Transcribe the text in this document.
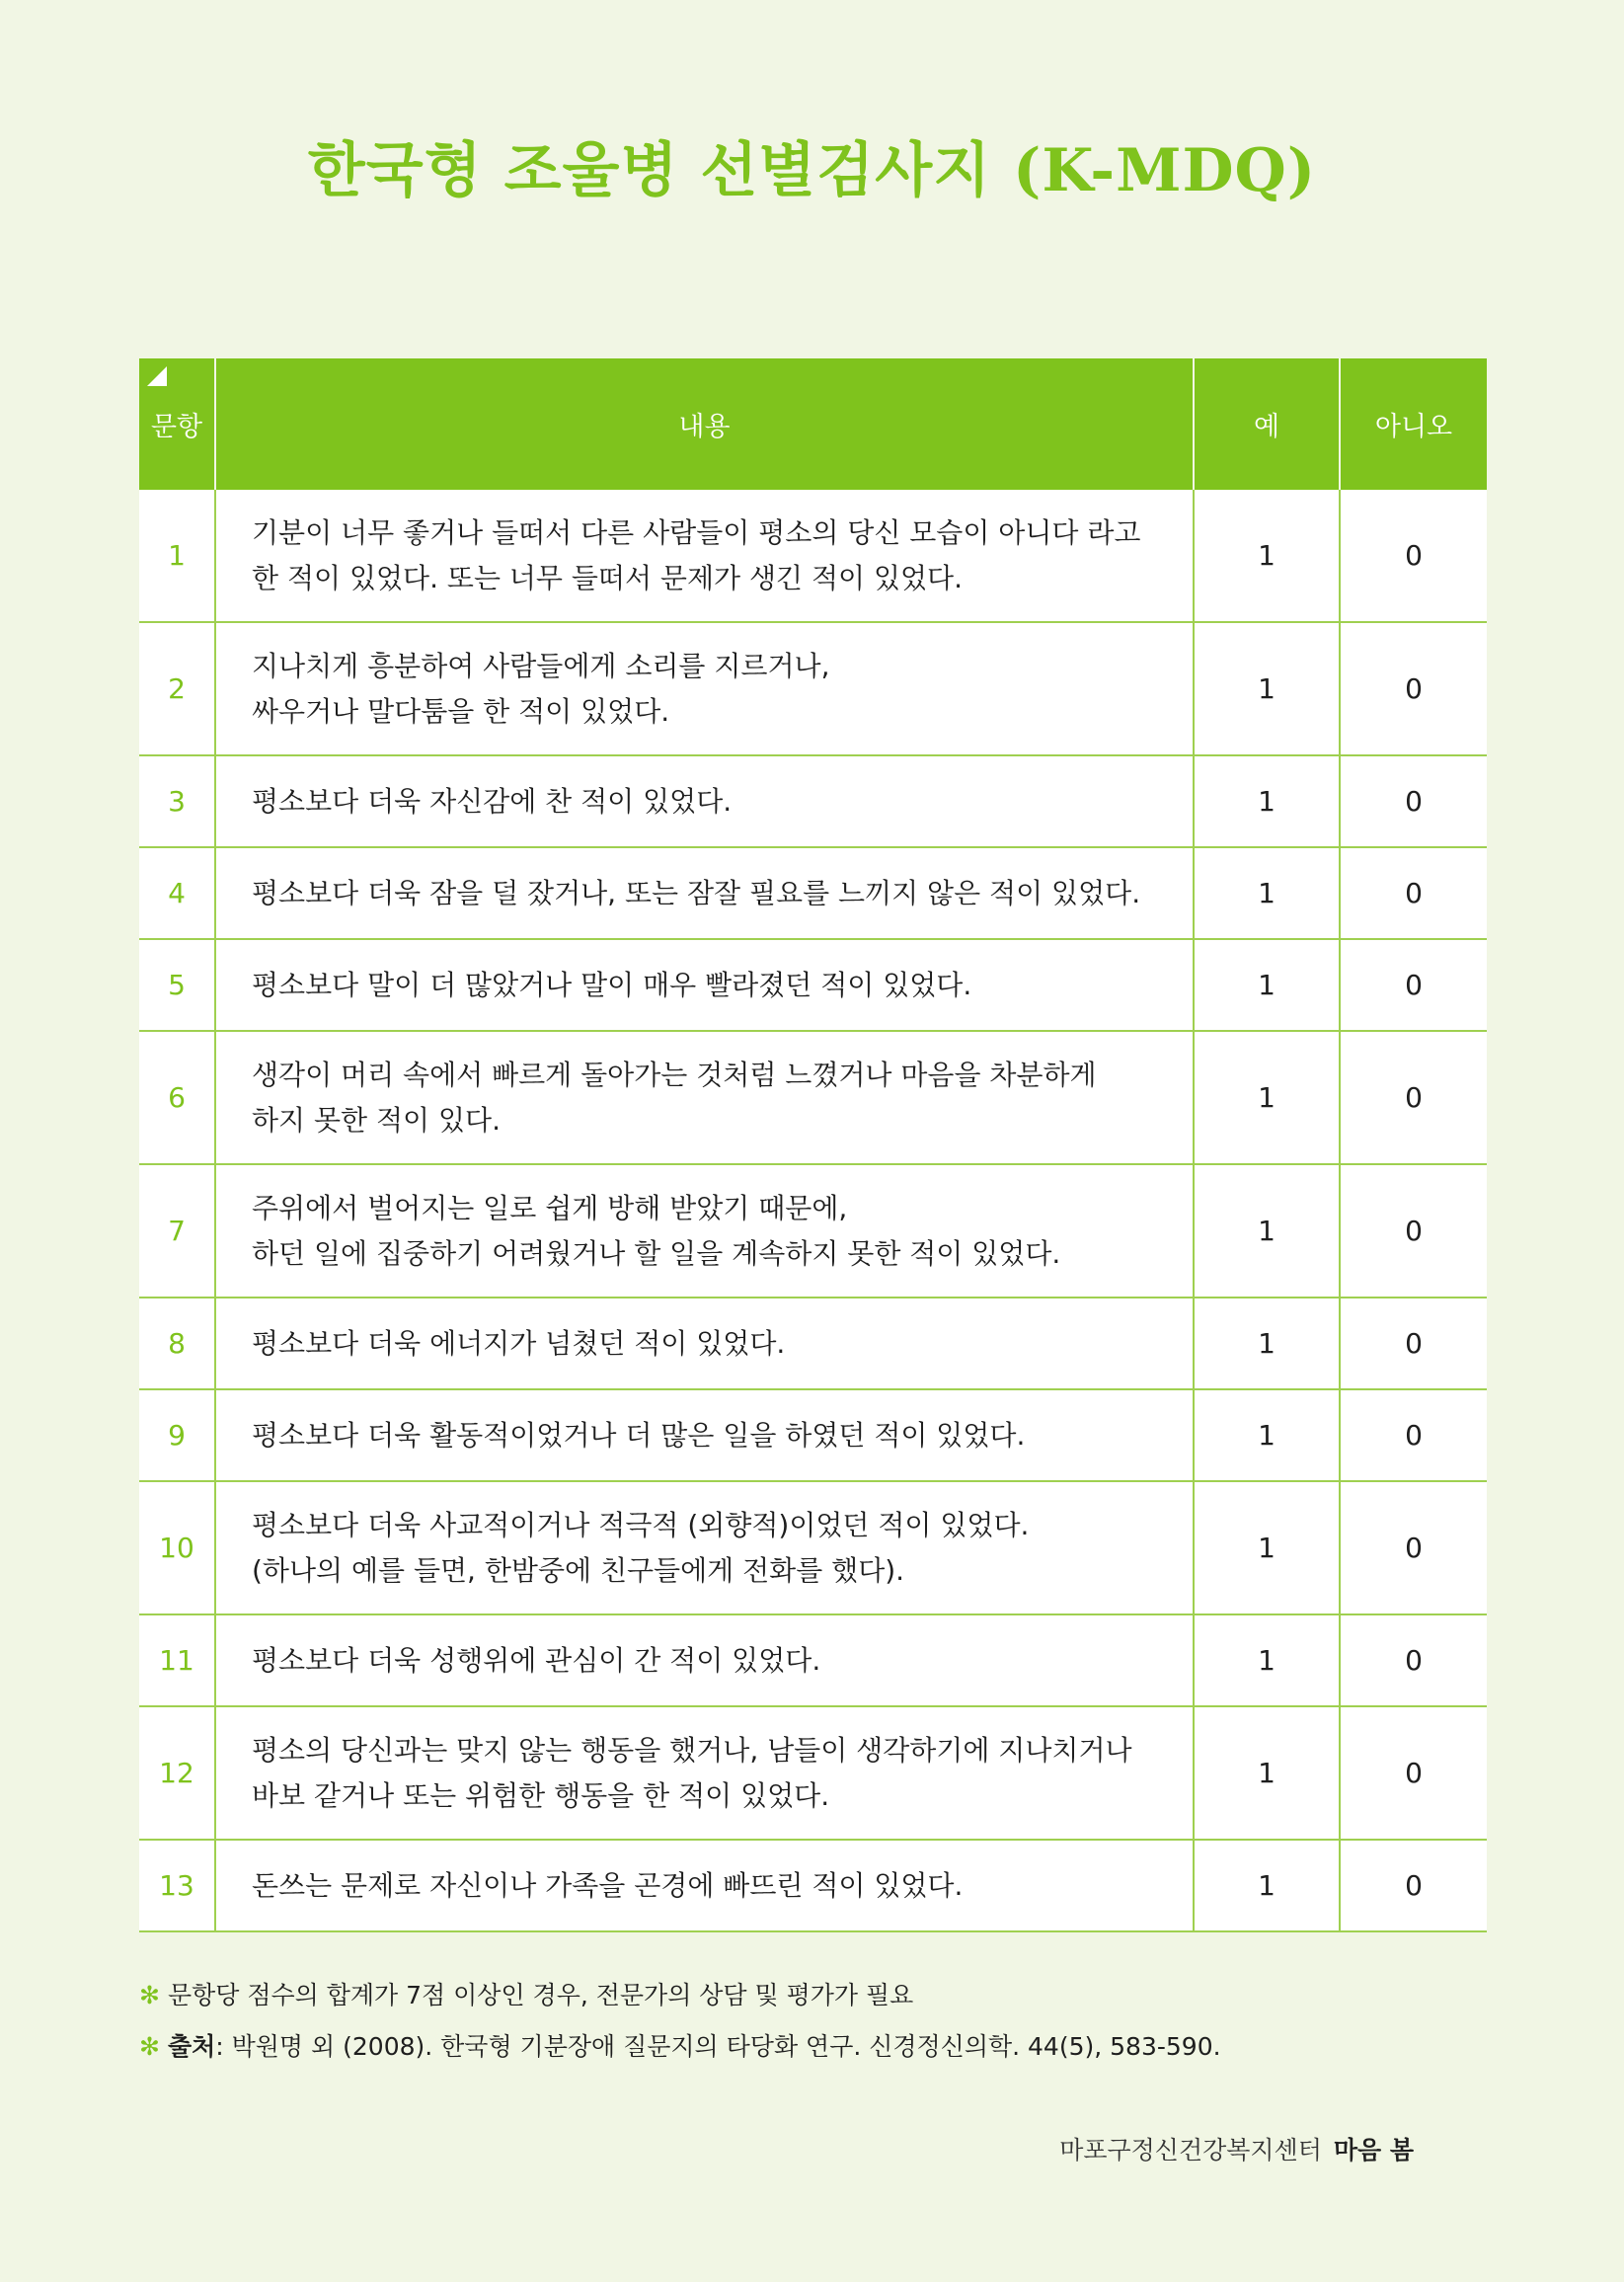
한국형 조울병 선별검사지 (K-MDQ)
문항	내용	예	아니오
1	기분이 너무 좋거나 들떠서 다른 사람들이 평소의 당신 모습이 아니다 라고
한 적이 있었다. 또는 너무 들떠서 문제가 생긴 적이 있었다.	1	0
2	지나치게 흥분하여 사람들에게 소리를 지르거나,
싸우거나 말다툼을 한 적이 있었다.	1	0
3	평소보다 더욱 자신감에 찬 적이 있었다.	1	0
4	평소보다 더욱 잠을 덜 잤거나, 또는 잠잘 필요를 느끼지 않은 적이 있었다.	1	0
5	평소보다 말이 더 많았거나 말이 매우 빨라졌던 적이 있었다.	1	0
6	생각이 머리 속에서 빠르게 돌아가는 것처럼 느꼈거나 마음을 차분하게
하지 못한 적이 있다.	1	0
7	주위에서 벌어지는 일로 쉽게 방해 받았기 때문에,
하던 일에 집중하기 어려웠거나 할 일을 계속하지 못한 적이 있었다.	1	0
8	평소보다 더욱 에너지가 넘쳤던 적이 있었다.	1	0
9	평소보다 더욱 활동적이었거나 더 많은 일을 하였던 적이 있었다.	1	0
10	평소보다 더욱 사교적이거나 적극적 (외향적)이었던 적이 있었다.
(하나의 예를 들면, 한밤중에 친구들에게 전화를 했다).	1	0
11	평소보다 더욱 성행위에 관심이 간 적이 있었다.	1	0
12	평소의 당신과는 맞지 않는 행동을 했거나, 남들이 생각하기에 지나치거나
바보 같거나 또는 위험한 행동을 한 적이 있었다.	1	0
13	돈쓰는 문제로 자신이나 가족을 곤경에 빠뜨린 적이 있었다.	1	0
✻ 문항당 점수의 합계가 7점 이상인 경우, 전문가의 상담 및 평가가 필요
✻ 출처: 박원명 외 (2008). 한국형 기분장애 질문지의 타당화 연구. 신경정신의학. 44(5), 583-590.
마포구정신건강복지센터 마음 봄
